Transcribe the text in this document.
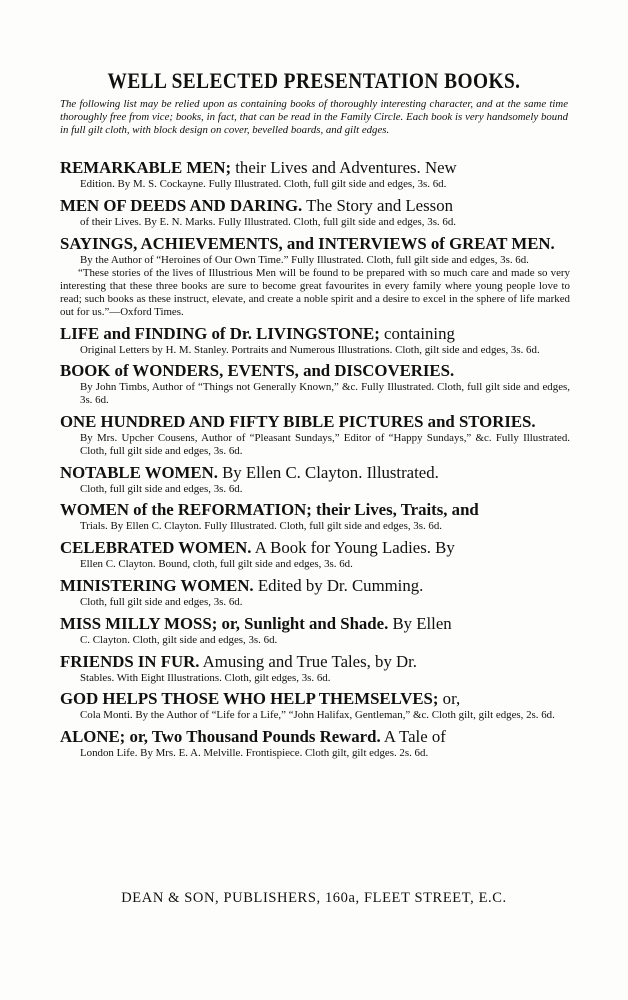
WELL SELECTED PRESENTATION BOOKS.
The following list may be relied upon as containing books of thoroughly interesting character, and at the same time thoroughly free from vice; books, in fact, that can be read in the Family Circle. Each book is very handsomely bound in full gilt cloth, with block design on cover, bevelled boards, and gilt edges.
REMARKABLE MEN; their Lives and Adventures. New
Edition. By M. S. Cockayne. Fully Illustrated. Cloth, full gilt side and edges, 3s. 6d.
MEN OF DEEDS AND DARING. The Story and Lesson
of their Lives. By E. N. Marks. Fully Illustrated. Cloth, full gilt side and edges, 3s. 6d.
SAYINGS, ACHIEVEMENTS, and INTERVIEWS of GREAT MEN.
By the Author of “Heroines of Our Own Time.” Fully Illustrated. Cloth, full gilt side and edges, 3s. 6d.
“These stories of the lives of Illustrious Men will be found to be prepared with so much care and made so very interesting that these three books are sure to become great favourites in every family where young people love to read; such books as these instruct, elevate, and create a noble spirit and a desire to excel in the sphere of life marked out for us.”—Oxford Times.
LIFE and FINDING of Dr. LIVINGSTONE; containing
Original Letters by H. M. Stanley. Portraits and Numerous Illustrations. Cloth, gilt side and edges, 3s. 6d.
BOOK of WONDERS, EVENTS, and DISCOVERIES.
By John Timbs, Author of “Things not Generally Known,” &c. Fully Illustrated. Cloth, full gilt side and edges, 3s. 6d.
ONE HUNDRED AND FIFTY BIBLE PICTURES and STORIES.
By Mrs. Upcher Cousens, Author of “Pleasant Sundays,” Editor of “Happy Sundays,” &c. Fully Illustrated. Cloth, full gilt side and edges, 3s. 6d.
NOTABLE WOMEN. By Ellen C. Clayton. Illustrated.
Cloth, full gilt side and edges, 3s. 6d.
WOMEN of the REFORMATION; their Lives, Traits, and
Trials. By Ellen C. Clayton. Fully Illustrated. Cloth, full gilt side and edges, 3s. 6d.
CELEBRATED WOMEN. A Book for Young Ladies. By
Ellen C. Clayton. Bound, cloth, full gilt side and edges, 3s. 6d.
MINISTERING WOMEN. Edited by Dr. Cumming.
Cloth, full gilt side and edges, 3s. 6d.
MISS MILLY MOSS; or, Sunlight and Shade. By Ellen
C. Clayton. Cloth, gilt side and edges, 3s. 6d.
FRIENDS IN FUR. Amusing and True Tales, by Dr.
Stables. With Eight Illustrations. Cloth, gilt edges, 3s. 6d.
GOD HELPS THOSE WHO HELP THEMSELVES; or,
Cola Monti. By the Author of “Life for a Life,” “John Halifax, Gentleman,” &c. Cloth gilt, gilt edges, 2s. 6d.
ALONE; or, Two Thousand Pounds Reward. A Tale of
London Life. By Mrs. E. A. Melville. Frontispiece. Cloth gilt, gilt edges. 2s. 6d.
DEAN & SON, PUBLISHERS, 160a, FLEET STREET, E.C.
